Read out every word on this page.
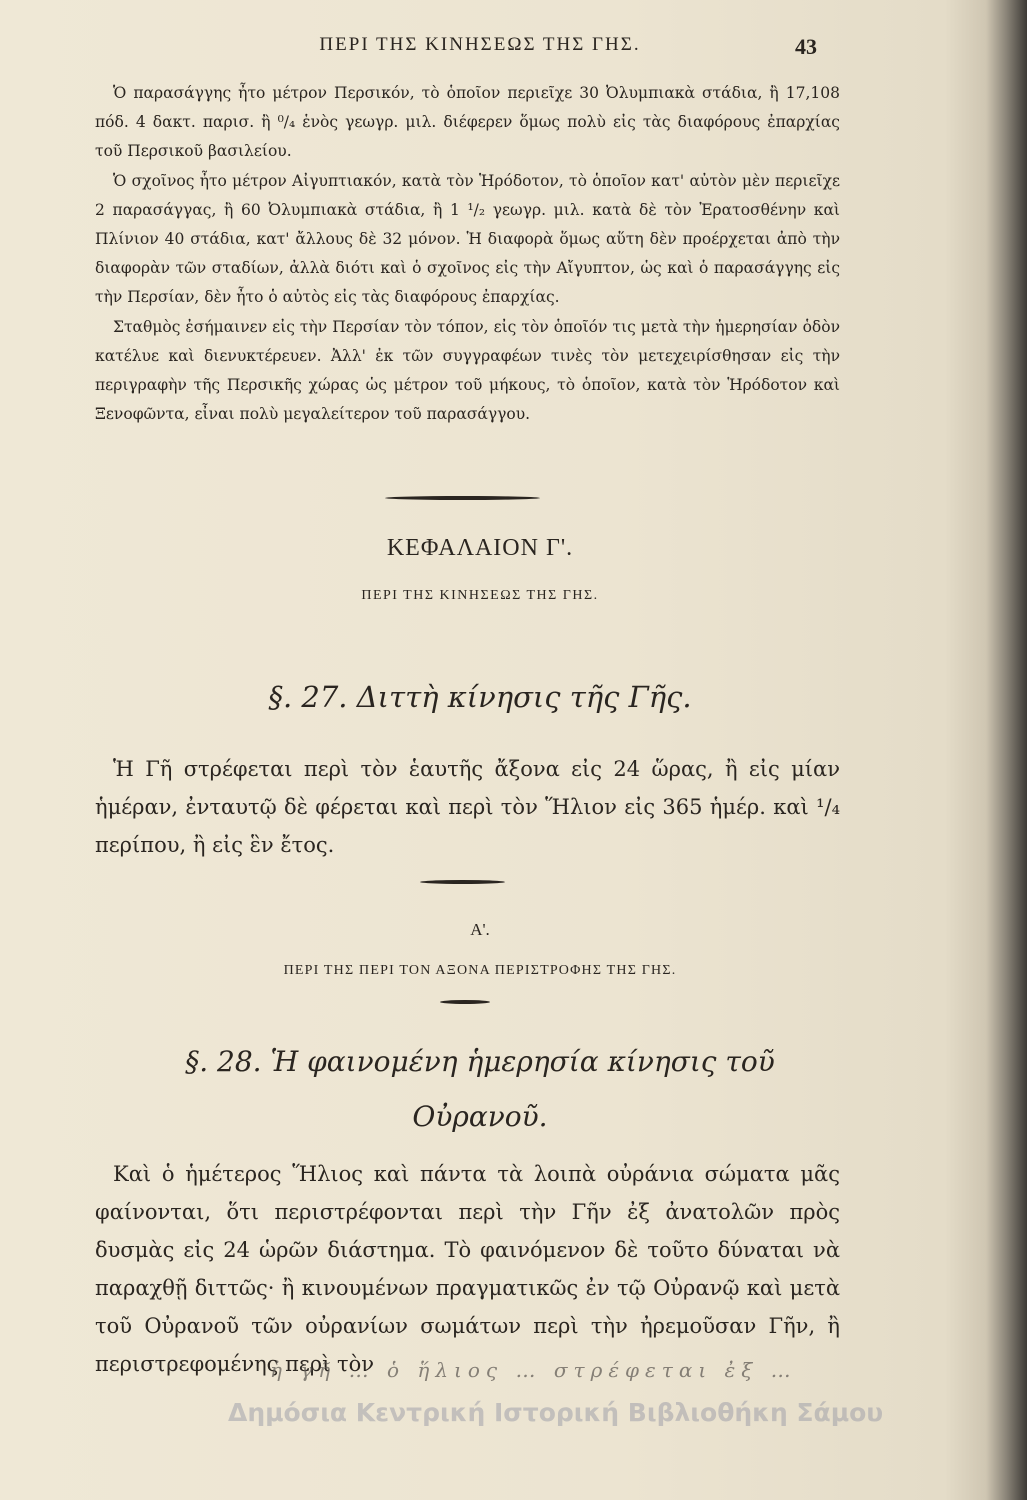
ΠΕΡΙ ΤΗΣ ΚΙΝΗΣΕΩΣ ΤΗΣ ΓΗΣ.	43

Ὁ παρασάγγης ἦτο μέτρον Περσικόν, τὸ ὁποῖον περιεῖχε 30 Ὀλυμπιακὰ στάδια, ἢ 17,108 πόδ. 4 δακτ. παρισ. ἢ ⁰/₄ ἑνὸς γεωγρ. μιλ. διέφερεν ὅμως πολὺ εἰς τὰς διαφόρους ἐπαρχίας τοῦ Περσικοῦ βασιλείου.

Ὁ σχοῖνος ἦτο μέτρον Αἰγυπτιακόν, κατὰ τὸν Ἡρόδοτον, τὸ ὁποῖον κατ' αὐτὸν μὲν περιεῖχε 2 παρασάγγας, ἢ 60 Ὀλυμπιακὰ στάδια, ἢ 1 ¹/₂ γεωγρ. μιλ. κατὰ δὲ τὸν Ἐρατοσθένην καὶ Πλίνιον 40 στάδια, κατ' ἄλλους δὲ 32 μόνον. Ἡ διαφορὰ ὅμως αὕτη δὲν προέρχεται ἀπὸ τὴν διαφορὰν τῶν σταδίων, ἀλλὰ διότι καὶ ὁ σχοῖνος εἰς τὴν Αἴγυπτον, ὡς καὶ ὁ παρασάγγης εἰς τὴν Περσίαν, δὲν ἦτο ὁ αὐτὸς εἰς τὰς διαφόρους ἐπαρχίας.

Σταθμὸς ἐσήμαινεν εἰς τὴν Περσίαν τὸν τόπον, εἰς τὸν ὁποῖόν τις μετὰ τὴν ἡμερησίαν ὁδὸν κατέλυε καὶ διενυκτέρευεν. Ἀλλ' ἐκ τῶν συγγραφέων τινὲς τὸν μετεχειρίσθησαν εἰς τὴν περιγραφὴν τῆς Περσικῆς χώρας ὡς μέτρον τοῦ μήκους, τὸ ὁποῖον, κατὰ τὸν Ἡρόδοτον καὶ Ξενοφῶντα, εἶναι πολὺ μεγαλείτερον τοῦ παρασάγγου.

ΚΕΦΑΛΑΙΟΝ Γ'.
ΠΕΡΙ ΤΗΣ ΚΙΝΗΣΕΩΣ ΤΗΣ ΓΗΣ.
§. 27. Διττὴ κίνησις τῆς Γῆς.

Ἡ Γῆ στρέφεται περὶ τὸν ἑαυτῆς ἄξονα εἰς 24 ὥρας, ἢ εἰς μίαν ἡμέραν, ἐνταυτῷ δὲ φέρεται καὶ περὶ τὸν Ἥλιον εἰς 365 ἡμέρ. καὶ ¹/₄ περίπου, ἢ εἰς ἓν ἔτος.

Α'.
ΠΕΡΙ ΤΗΣ ΠΕΡΙ ΤΟΝ ΑΞΟΝΑ ΠΕΡΙΣΤΡΟΦΗΣ ΤΗΣ ΓΗΣ.
§. 28. Ἡ φαινομένη ἡμερησία κίνησις τοῦ
Οὐρανοῦ.

Καὶ ὁ ἡμέτερος Ἥλιος καὶ πάντα τὰ λοιπὰ οὐράνια σώματα μᾶς φαίνονται, ὅτι περιστρέφονται περὶ τὴν Γῆν ἐξ ἀνατολῶν πρὸς δυσμὰς εἰς 24 ὡρῶν διάστημα. Τὸ φαινόμενον δὲ τοῦτο δύναται νὰ παραχθῇ διττῶς· ἢ κινουμένων πραγματικῶς ἐν τῷ Οὐρανῷ καὶ μετὰ τοῦ Οὐρανοῦ τῶν οὐρανίων σωμάτων περὶ τὴν ἠρεμοῦσαν Γῆν, ἢ περιστρεφομένης περὶ τὸν

ἡ γῆ … ὁ ἥλιος … στρέφεται ἐξ …
Δημόσια Κεντρική Ιστορική Βιβλιοθήκη Σάμου
